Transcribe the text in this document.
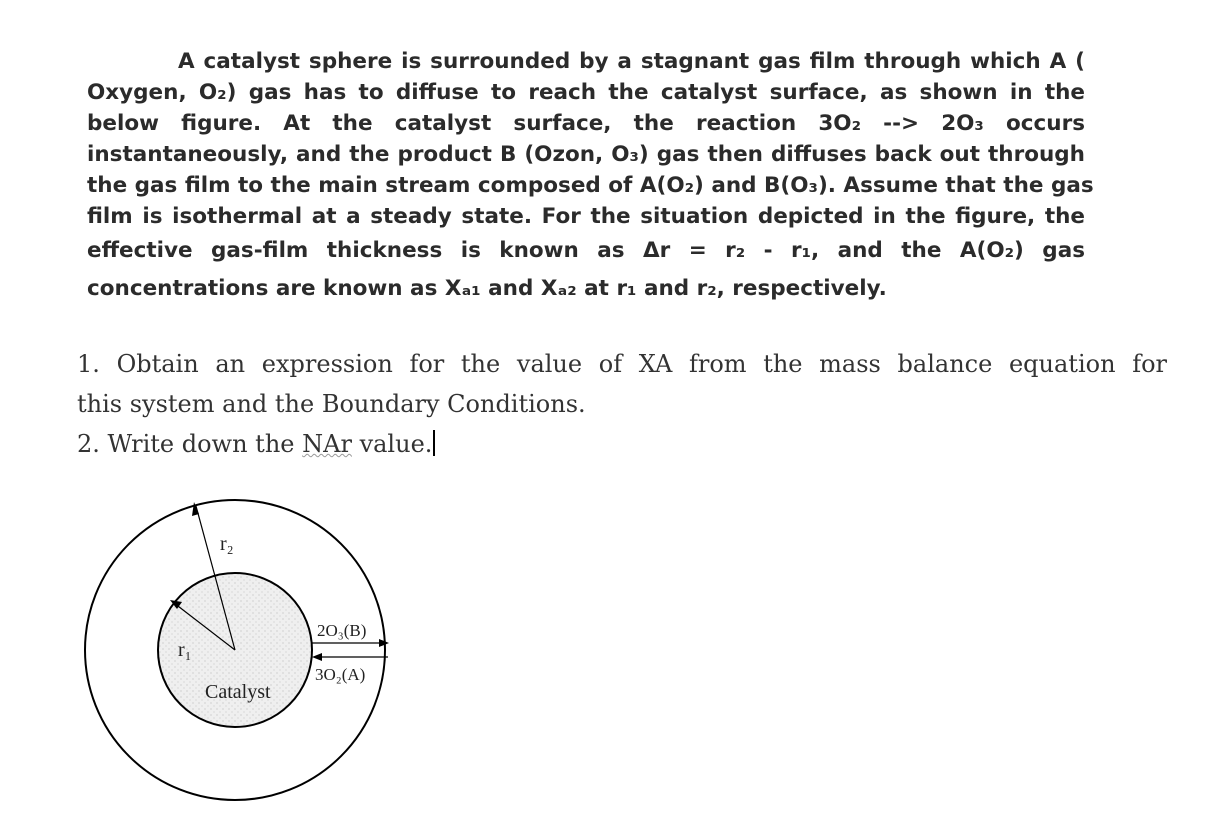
A catalyst sphere is surrounded by a stagnant gas film through which A (
Oxygen, O₂) gas has to diffuse to reach the catalyst surface, as shown in the
below figure. At the catalyst surface, the reaction 3O₂ --> 2O₃ occurs
instantaneously, and the product B (Ozon, O₃) gas then diffuses back out through
the gas film to the main stream composed of A(O₂) and B(O₃). Assume that the gas
film is isothermal at a steady state. For the situation depicted in the figure, the
effective gas-film thickness is known as Δr = r₂ - r₁, and the A(O₂) gas
concentrations are known as Xₐ₁ and Xₐ₂ at r₁ and r₂, respectively.
1. Obtain an expression for the value of XA from the mass balance equation for
this system and the Boundary Conditions.
2. Write down the NAr value.
r₂
r₁
Catalyst
2O₃(B)
3O₂(A)
